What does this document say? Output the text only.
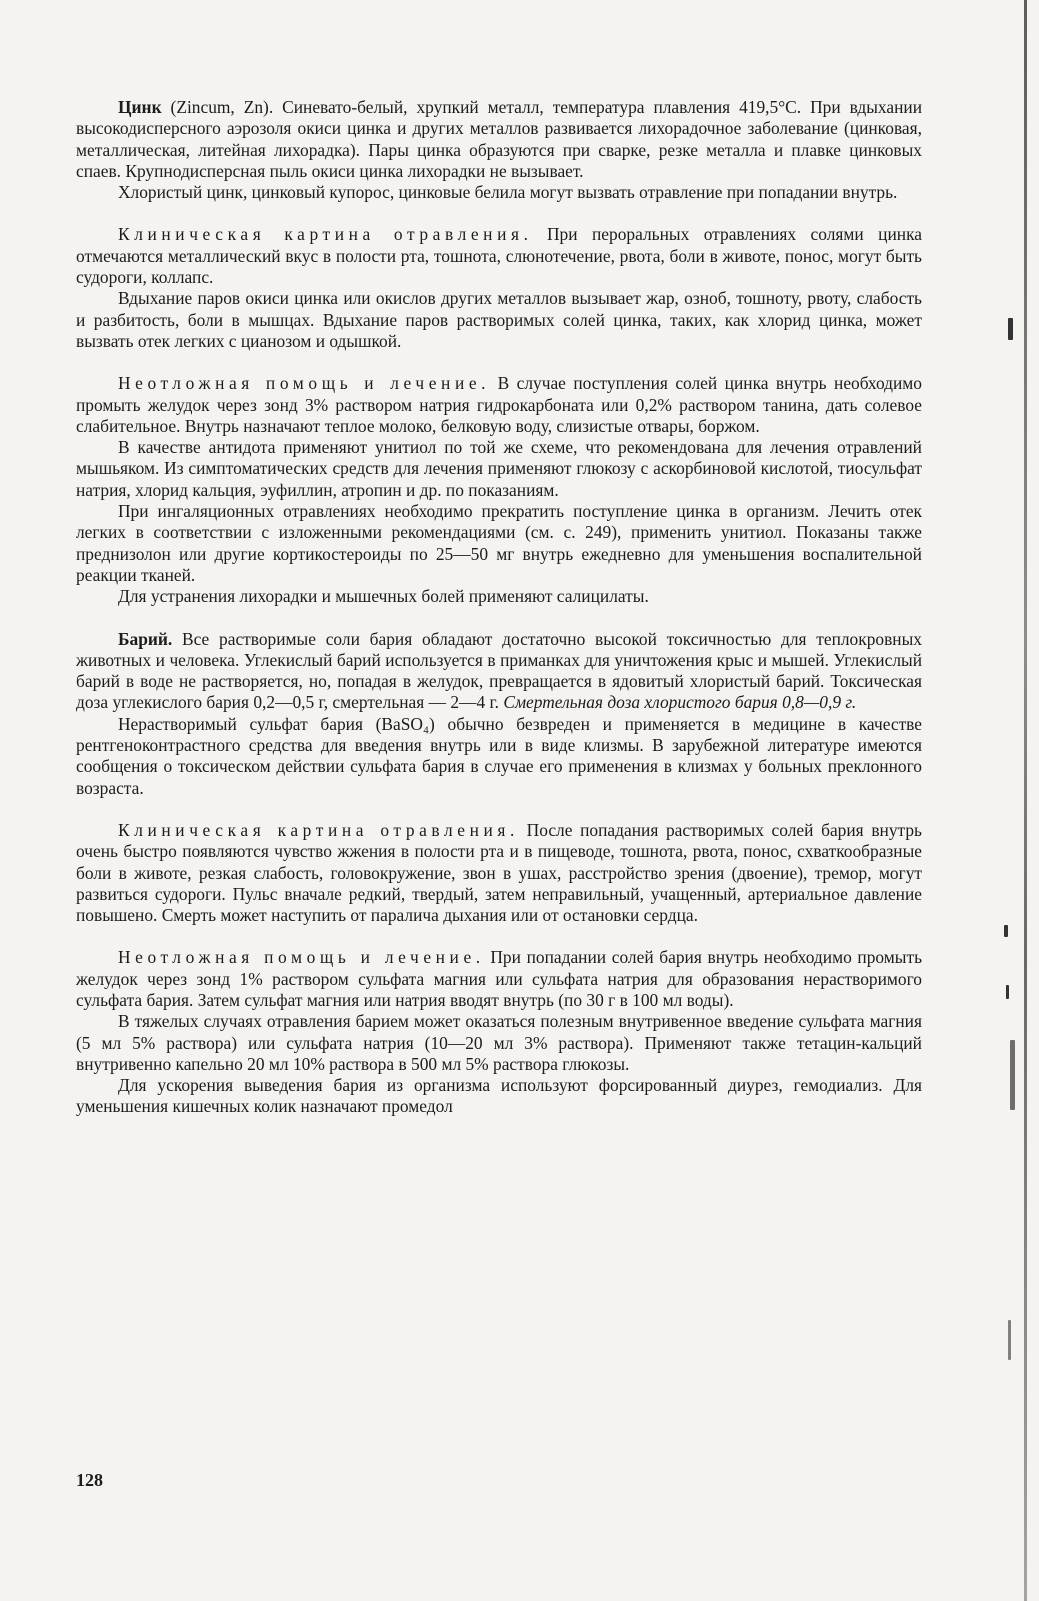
Цинк (Zincum, Zn). Синевато-белый, хрупкий металл, температура плавления 419,5°С. При вдыхании высокодисперсного аэрозоля окиси цинка и других металлов развивается лихорадочное заболевание (цинковая, металлическая, литейная лихорадка). Пары цинка образуются при сварке, резке металла и плавке цинковых спаев. Крупнодисперсная пыль окиси цинка лихорадки не вызывает.

Хлористый цинк, цинковый купорос, цинковые белила могут вызвать отравление при попадании внутрь.

Клиническая картина отравления. При пероральных отравлениях солями цинка отмечаются металлический вкус в полости рта, тошнота, слюнотечение, рвота, боли в животе, понос, могут быть судороги, коллапс.

Вдыхание паров окиси цинка или окислов других металлов вызывает жар, озноб, тошноту, рвоту, слабость и разбитость, боли в мышцах. Вдыхание паров растворимых солей цинка, таких, как хлорид цинка, может вызвать отек легких с цианозом и одышкой.

Неотложная помощь и лечение. В случае поступления солей цинка внутрь необходимо промыть желудок через зонд 3% раствором натрия гидрокарбоната или 0,2% раствором танина, дать солевое слабительное. Внутрь назначают теплое молоко, белковую воду, слизистые отвары, боржом.

В качестве антидота применяют унитиол по той же схеме, что рекомендована для лечения отравлений мышьяком. Из симптоматических средств для лечения применяют глюкозу с аскорбиновой кислотой, тиосульфат натрия, хлорид кальция, эуфиллин, атропин и др. по показаниям.

При ингаляционных отравлениях необходимо прекратить поступление цинка в организм. Лечить отек легких в соответствии с изложенными рекомендациями (см. с. 249), применить унитиол. Показаны также преднизолон или другие кортикостероиды по 25—50 мг внутрь ежедневно для уменьшения воспалительной реакции тканей.

Для устранения лихорадки и мышечных болей применяют салицилаты.

Барий. Все растворимые соли бария обладают достаточно высокой токсичностью для теплокровных животных и человека. Углекислый барий используется в приманках для уничтожения крыс и мышей. Углекислый барий в воде не растворяется, но, попадая в желудок, превращается в ядовитый хлористый барий. Токсическая доза углекислого бария 0,2—0,5 г, смертельная — 2—4 г. Смертельная доза хлористого бария 0,8—0,9 г.

Нерастворимый сульфат бария (BaSO₄) обычно безвреден и применяется в медицине в качестве рентгеноконтрастного средства для введения внутрь или в виде клизмы. В зарубежной литературе имеются сообщения о токсическом действии сульфата бария в случае его применения в клизмах у больных преклонного возраста.

Клиническая картина отравления. После попадания растворимых солей бария внутрь очень быстро появляются чувство жжения в полости рта и в пищеводе, тошнота, рвота, понос, схваткообразные боли в животе, резкая слабость, головокружение, звон в ушах, расстройство зрения (двоение), тремор, могут развиться судороги. Пульс вначале редкий, твердый, затем неправильный, учащенный, артериальное давление повышено. Смерть может наступить от паралича дыхания или от остановки сердца.

Неотложная помощь и лечение. При попадании солей бария внутрь необходимо промыть желудок через зонд 1% раствором сульфата магния или сульфата натрия для образования нерастворимого сульфата бария. Затем сульфат магния или натрия вводят внутрь (по 30 г в 100 мл воды).

В тяжелых случаях отравления барием может оказаться полезным внутривенное введение сульфата магния (5 мл 5% раствора) или сульфата натрия (10—20 мл 3% раствора). Применяют также тетацин-кальций внутривенно капельно 20 мл 10% раствора в 500 мл 5% раствора глюкозы.

Для ускорения выведения бария из организма используют форсированный диурез, гемодиализ. Для уменьшения кишечных колик назначают промедол

128
